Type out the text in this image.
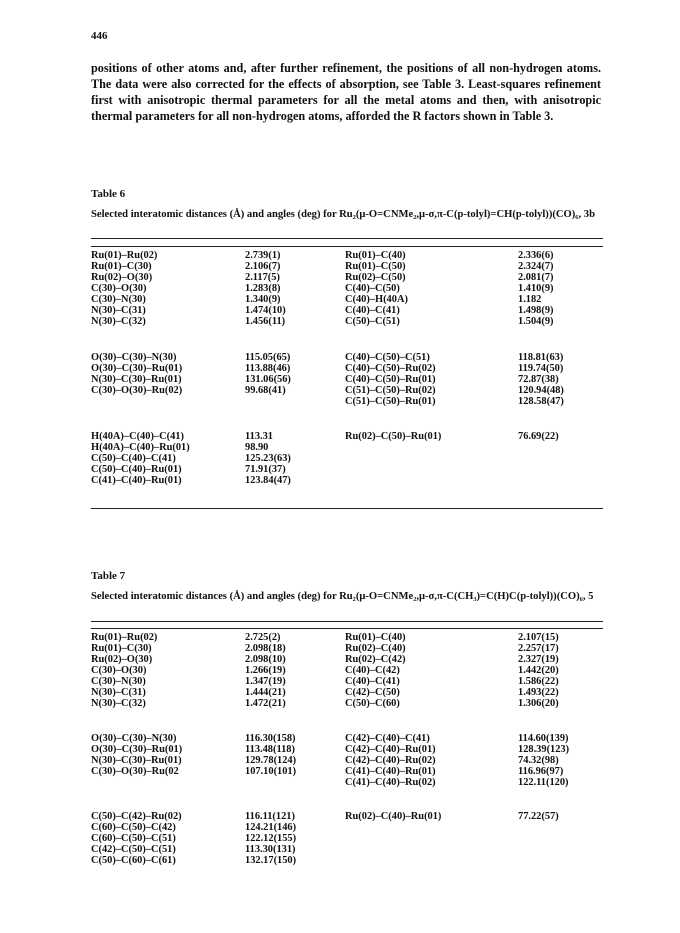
446

positions of other atoms and, after further refinement, the positions of all non-hydrogen atoms. The data were also corrected for the effects of absorption, see Table 3. Least-squares refinement first with anisotropic thermal parameters for all the metal atoms and then, with anisotropic thermal parameters for all non-hydrogen atoms, afforded the R factors shown in Table 3.

Table 6

Selected interatomic distances (Å) and angles (deg) for Ru₂(μ-O=CNMe₂,μ-σ,π-C(p-tolyl)=CH(p-tolyl))(CO)₆, 3b

Ru(01)–Ru(02)
Ru(01)–C(30)
Ru(02)–O(30)
C(30)–O(30)
C(30)–N(30)
N(30)–C(31)
N(30)–C(32)
2.739(1)
2.106(7)
2.117(5)
1.283(8)
1.340(9)
1.474(10)
1.456(11)
Ru(01)–C(40)
Ru(01)–C(50)
Ru(02)–C(50)
C(40)–C(50)
C(40)–H(40A)
C(40)–C(41)
C(50)–C(51)
2.336(6)
2.324(7)
2.081(7)
1.410(9)
1.182
1.498(9)
1.504(9)
O(30)–C(30)–N(30)
O(30)–C(30)–Ru(01)
N(30)–C(30)–Ru(01)
C(30)–O(30)–Ru(02)
115.05(65)
113.88(46)
131.06(56)
99.68(41)
C(40)–C(50)–C(51)
C(40)–C(50)–Ru(02)
C(40)–C(50)–Ru(01)
C(51)–C(50)–Ru(02)
C(51)–C(50)–Ru(01)
118.81(63)
119.74(50)
72.87(38)
120.94(48)
128.58(47)
H(40A)–C(40)–C(41)
H(40A)–C(40)–Ru(01)
C(50)–C(40)–C(41)
C(50)–C(40)–Ru(01)
C(41)–C(40)–Ru(01)
113.31
98.90
125.23(63)
71.91(37)
123.84(47)
Ru(02)–C(50)–Ru(01)	76.69(22)
Table 7

Selected interatomic distances (Å) and angles (deg) for Ru₂(μ-O=CNMe₂,μ-σ,π-C(CH₃)=C(H)C(p-tolyl))(CO)₆, 5

Ru(01)–Ru(02)
Ru(01)–C(30)
Ru(02)–O(30)
C(30)–O(30)
C(30)–N(30)
N(30)–C(31)
N(30)–C(32)
2.725(2)
2.098(18)
2.098(10)
1.266(19)
1.347(19)
1.444(21)
1.472(21)
Ru(01)–C(40)
Ru(02)–C(40)
Ru(02)–C(42)
C(40)–C(42)
C(40)–C(41)
C(42)–C(50)
C(50)–C(60)
2.107(15)
2.257(17)
2.327(19)
1.442(20)
1.586(22)
1.493(22)
1.306(20)
O(30)–C(30)–N(30)
O(30)–C(30)–Ru(01)
N(30)–C(30)–Ru(01)
C(30)–O(30)–Ru(02
116.30(158)
113.48(118)
129.78(124)
107.10(101)
C(42)–C(40)–C(41)
C(42)–C(40)–Ru(01)
C(42)–C(40)–Ru(02)
C(41)–C(40)–Ru(01)
C(41)–C(40)–Ru(02)
114.60(139)
128.39(123)
74.32(98)
116.96(97)
122.11(120)
C(50)–C(42)–Ru(02)
C(60)–C(50)–C(42)
C(60)–C(50)–C(51)
C(42)–C(50)–C(51)
C(50)–C(60)–C(61)
116.11(121)
124.21(146)
122.12(155)
113.30(131)
132.17(150)
Ru(02)–C(40)–Ru(01)	77.22(57)
